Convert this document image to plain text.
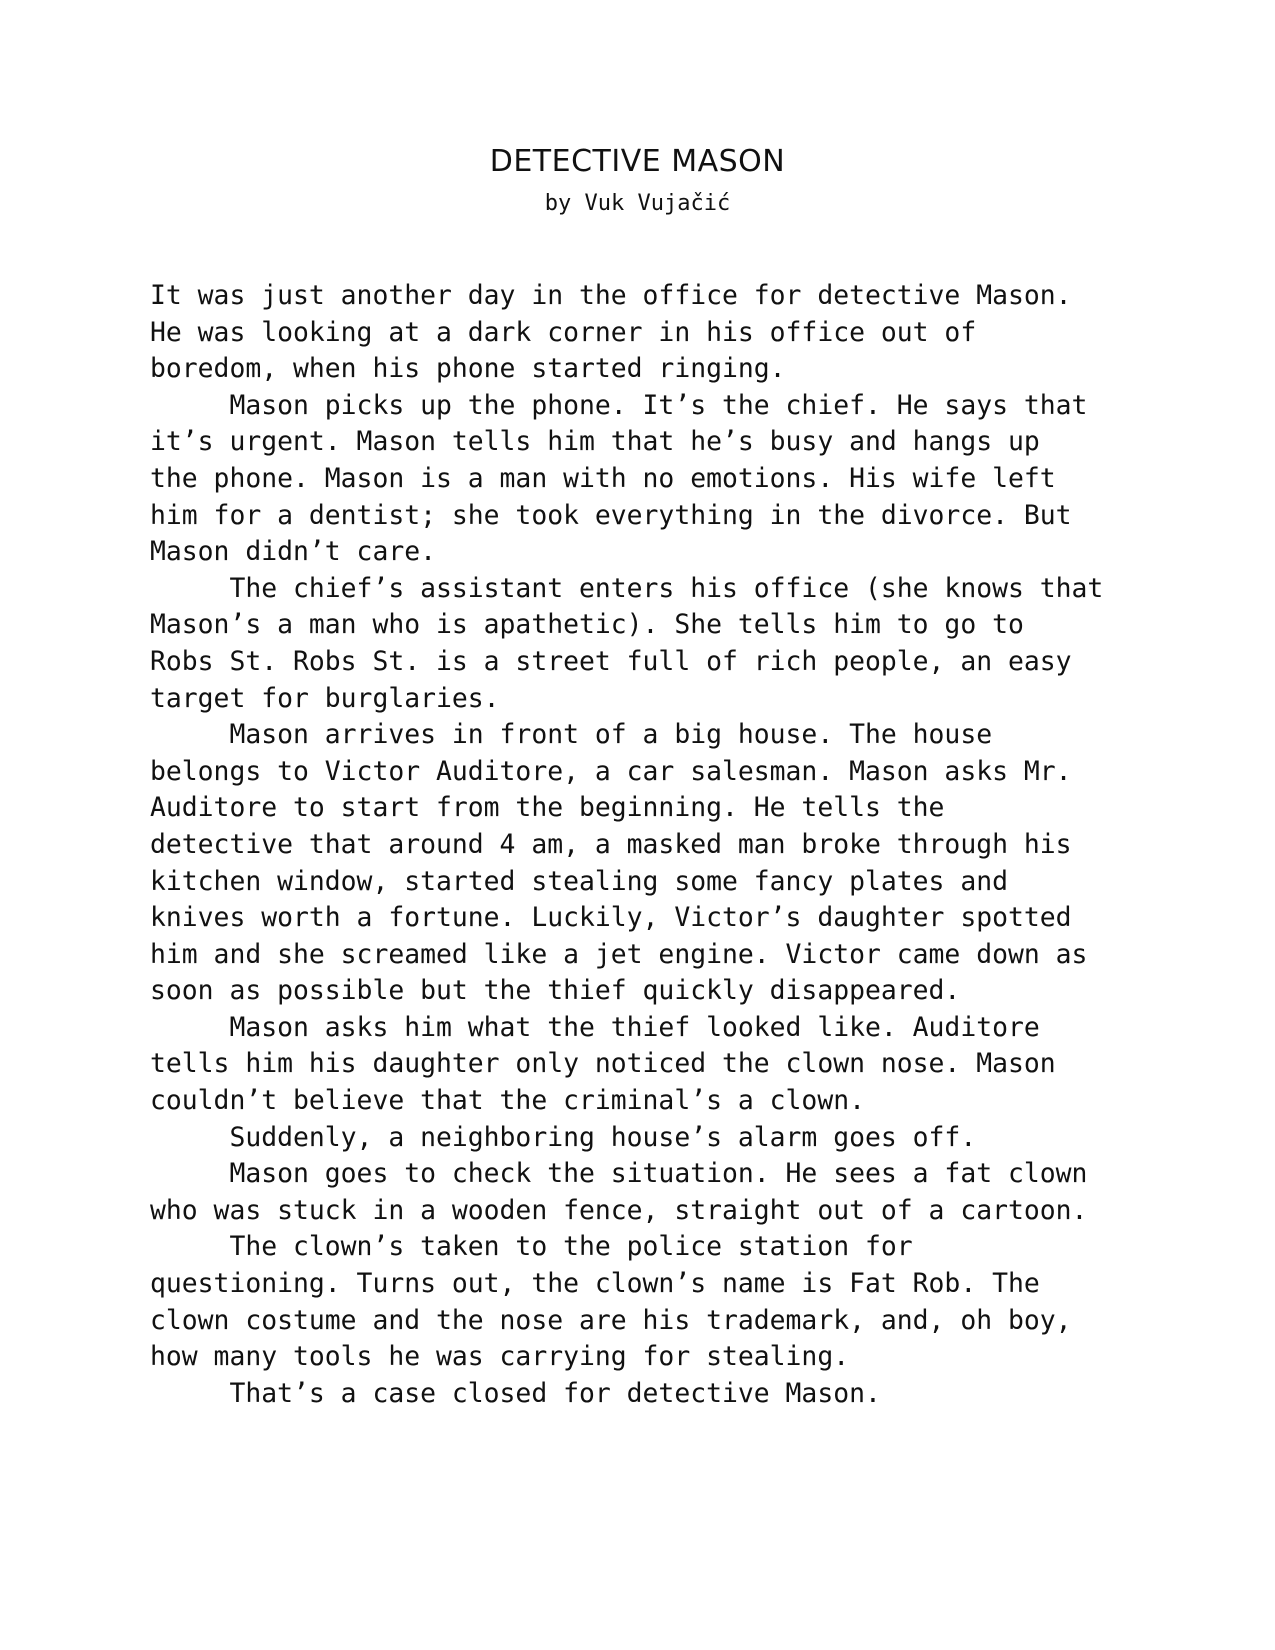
DETECTIVE MASON
by Vuk Vujačić

It was just another day in the office for detective Mason.

He was looking at a dark corner in his office out of

boredom, when his phone started ringing.

Mason picks up the phone. It’s the chief. He says that

it’s urgent. Mason tells him that he’s busy and hangs up

the phone. Mason is a man with no emotions. His wife left

him for a dentist; she took everything in the divorce. But

Mason didn’t care.

The chief’s assistant enters his office (she knows that

Mason’s a man who is apathetic). She tells him to go to

Robs St. Robs St. is a street full of rich people, an easy

target for burglaries.

Mason arrives in front of a big house. The house

belongs to Victor Auditore, a car salesman. Mason asks Mr.

Auditore to start from the beginning. He tells the

detective that around 4 am, a masked man broke through his

kitchen window, started stealing some fancy plates and

knives worth a fortune. Luckily, Victor’s daughter spotted

him and she screamed like a jet engine. Victor came down as

soon as possible but the thief quickly disappeared.

Mason asks him what the thief looked like. Auditore

tells him his daughter only noticed the clown nose. Mason

couldn’t believe that the criminal’s a clown.

Suddenly, a neighboring house’s alarm goes off.

Mason goes to check the situation. He sees a fat clown

who was stuck in a wooden fence, straight out of a cartoon.

The clown’s taken to the police station for

questioning. Turns out, the clown’s name is Fat Rob. The

clown costume and the nose are his trademark, and, oh boy,

how many tools he was carrying for stealing.

That’s a case closed for detective Mason.
